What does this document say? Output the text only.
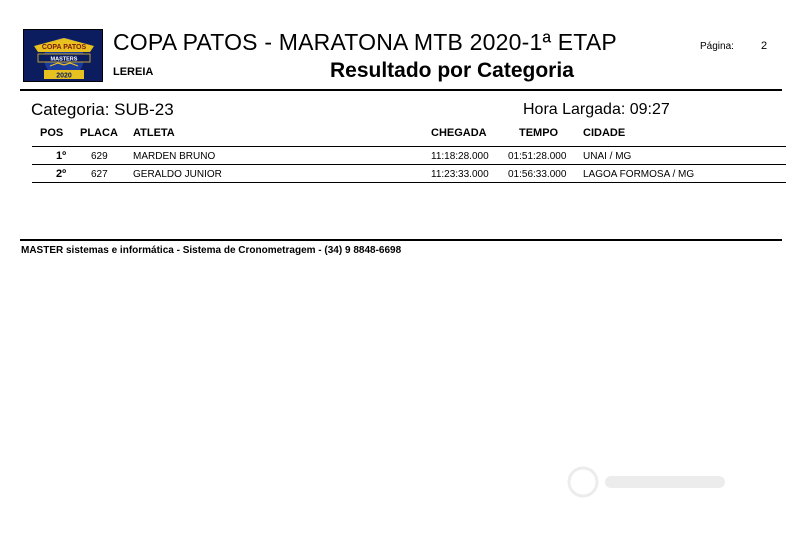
COPA PATOS
MASTERS
2020
COPA PATOS - MARATONA MTB 2020-1ª ETAP	Página: 2
LEREIA	Resultado por Categoria
Categoria: SUB-23	Hora Largada: 09:27
POS PLACA ATLETA	CHEGADA	TEMPO CIDADE
1º 629	MARDEN BRUNO	11:18:28.000 01:51:28.000 UNAI / MG
2º 627	GERALDO JUNIOR	11:23:33.000 01:56:33.000 LAGOA FORMOSA / MG
MASTER sistemas e informática - Sistema de Cronometragem - (34) 9 8848-6698
